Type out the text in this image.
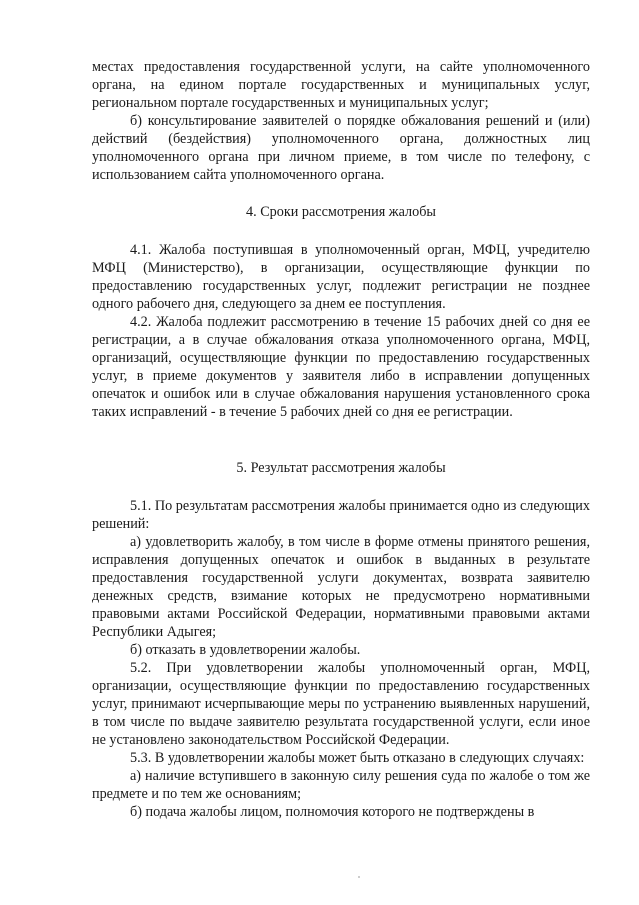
местах предоставления государственной услуги, на сайте уполномоченного органа, на едином портале государственных и муниципальных услуг, региональном портале государственных и муниципальных услуг;

б) консультирование заявителей о порядке обжалования решений и (или) действий (бездействия) уполномоченного органа, должностных лиц уполномоченного органа при личном приеме, в том числе по телефону, с использованием сайта уполномоченного органа.

4. Сроки рассмотрения жалобы

4.1. Жалоба поступившая в уполномоченный орган, МФЦ, учредителю МФЦ (Министерство), в организации, осуществляющие функции по предоставлению государственных услуг, подлежит регистрации не позднее одного рабочего дня, следующего за днем ее поступления.

4.2. Жалоба подлежит рассмотрению в течение 15 рабочих дней со дня ее регистрации, а в случае обжалования отказа уполномоченного органа, МФЦ, организаций, осуществляющие функции по предоставлению государственных услуг, в приеме документов у заявителя либо в исправлении допущенных опечаток и ошибок или в случае обжалования нарушения установленного срока таких исправлений - в течение 5 рабочих дней со дня ее регистрации.

5. Результат рассмотрения жалобы

5.1. По результатам рассмотрения жалобы принимается одно из следующих решений:

а) удовлетворить жалобу, в том числе в форме отмены принятого решения, исправления допущенных опечаток и ошибок в выданных в результате предоставления государственной услуги документах, возврата заявителю денежных средств, взимание которых не предусмотрено нормативными правовыми актами Российской Федерации, нормативными правовыми актами Республики Адыгея;

б) отказать в удовлетворении жалобы.

5.2. При удовлетворении жалобы уполномоченный орган, МФЦ, организации, осуществляющие функции по предоставлению государственных услуг, принимают исчерпывающие меры по устранению выявленных нарушений, в том числе по выдаче заявителю результата государственной услуги, если иное не установлено законодательством Российской Федерации.

5.3. В удовлетворении жалобы может быть отказано в следующих случаях:

а) наличие вступившего в законную силу решения суда по жалобе о том же предмете и по тем же основаниям;

б) подача жалобы лицом, полномочия которого не подтверждены в
